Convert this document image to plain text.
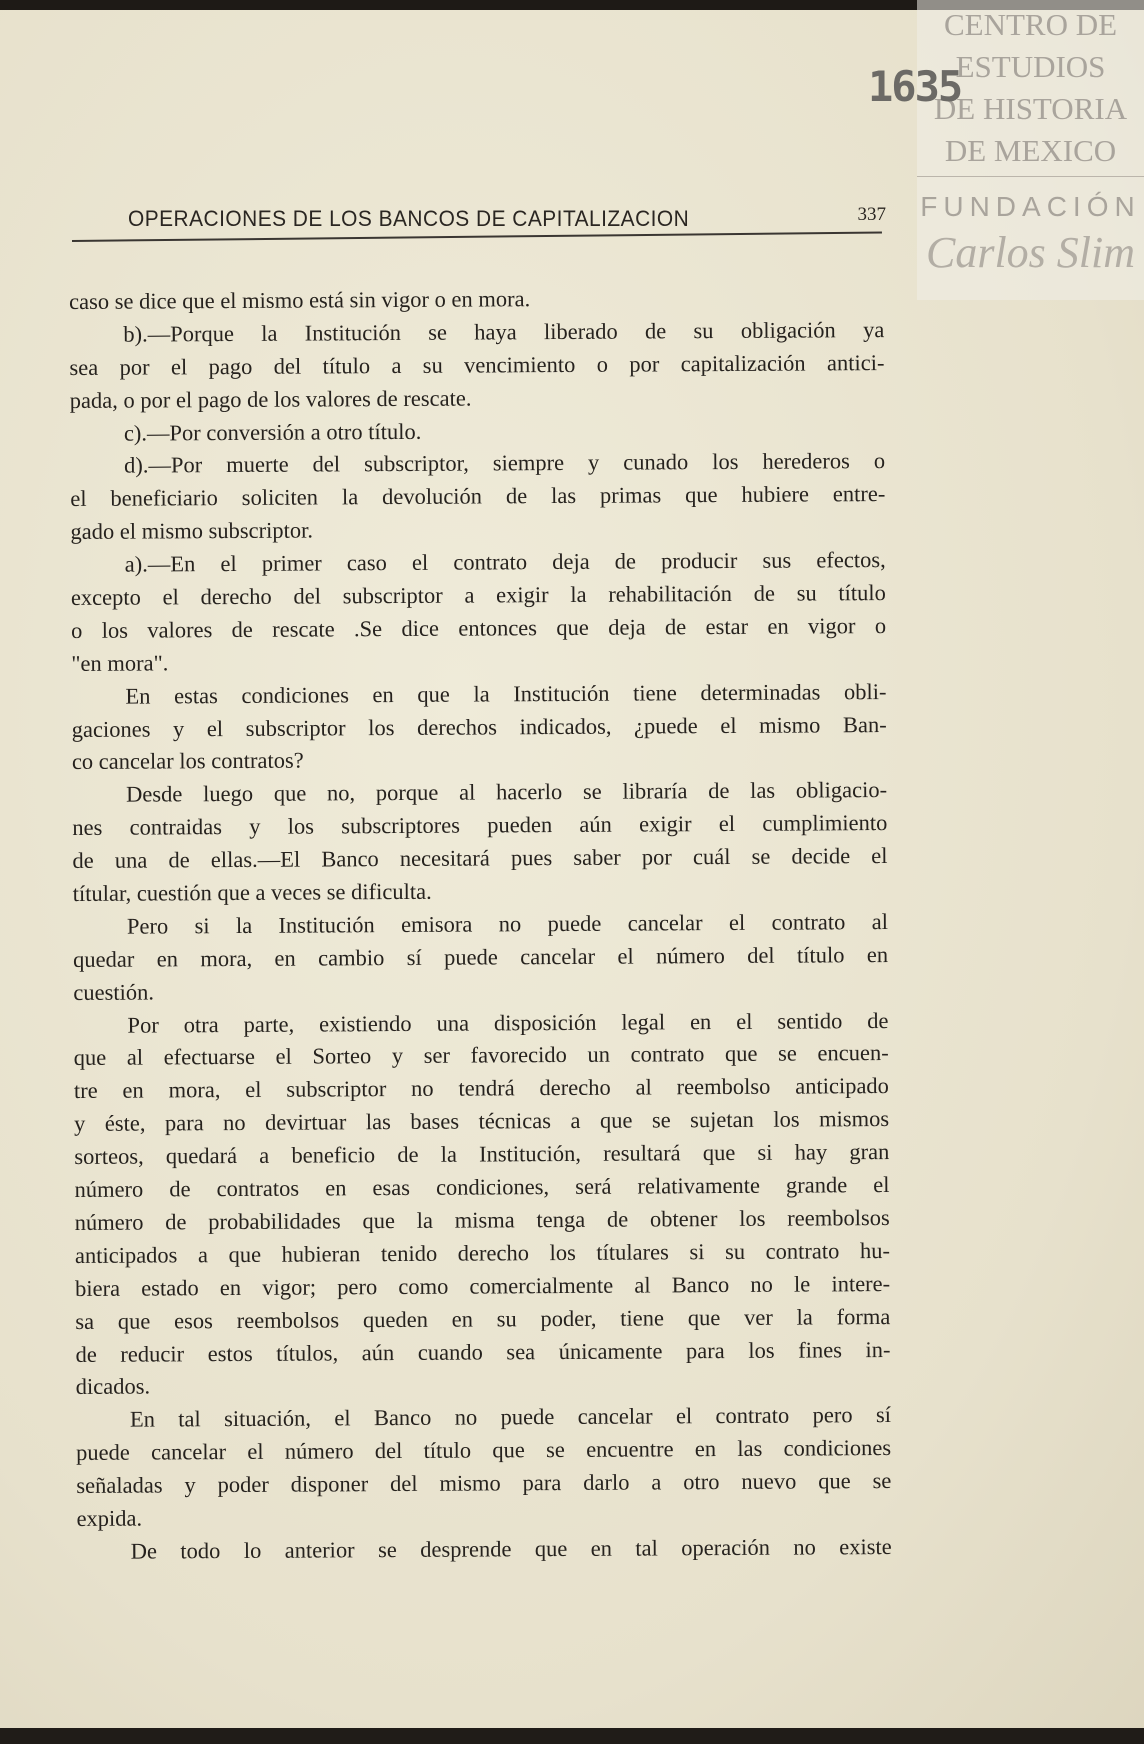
OPERACIONES DE LOS BANCOS DE CAPITALIZACION	337
caso se dice que el mismo está sin vigor o en mora.
b).—Porque la Institución se haya liberado de su obligación ya
sea por el pago del título a su vencimiento o por capitalización antici-
pada, o por el pago de los valores de rescate.
c).—Por conversión a otro título.
d).—Por muerte del subscriptor, siempre y cunado los herederos o
el beneficiario soliciten la devolución de las primas que hubiere entre-
gado el mismo subscriptor.
a).—En el primer caso el contrato deja de producir sus efectos,
excepto el derecho del subscriptor a exigir la rehabilitación de su título
o los valores de rescate .Se dice entonces que deja de estar en vigor o
"en mora".
En estas condiciones en que la Institución tiene determinadas obli-
gaciones y el subscriptor los derechos indicados, ¿puede el mismo Ban-
co cancelar los contratos?
Desde luego que no, porque al hacerlo se libraría de las obligacio-
nes contraidas y los subscriptores pueden aún exigir el cumplimiento
de una de ellas.—El Banco necesitará pues saber por cuál se decide el
títular, cuestión que a veces se dificulta.
Pero si la Institución emisora no puede cancelar el contrato al
quedar en mora, en cambio sí puede cancelar el número del título en
cuestión.
Por otra parte, existiendo una disposición legal en el sentido de
que al efectuarse el Sorteo y ser favorecido un contrato que se encuen-
tre en mora, el subscriptor no tendrá derecho al reembolso anticipado
y éste, para no devirtuar las bases técnicas a que se sujetan los mismos
sorteos, quedará a beneficio de la Institución, resultará que si hay gran
número de contratos en esas condiciones, será relativamente grande el
número de probabilidades que la misma tenga de obtener los reembolsos
anticipados a que hubieran tenido derecho los títulares si su contrato hu-
biera estado en vigor; pero como comercialmente al Banco no le intere-
sa que esos reembolsos queden en su poder, tiene que ver la forma
de reducir estos títulos, aún cuando sea únicamente para los fines in-
dicados.
En tal situación, el Banco no puede cancelar el contrato pero sí
puede cancelar el número del título que se encuentre en las condiciones
señaladas y poder disponer del mismo para darlo a otro nuevo que se
expida.
De todo lo anterior se desprende que en tal operación no existe
CENTRO DE
ESTUDIOS
DE HISTORIA
DE MEXICO
FUNDACIÓN
Carlos Slim
1635
